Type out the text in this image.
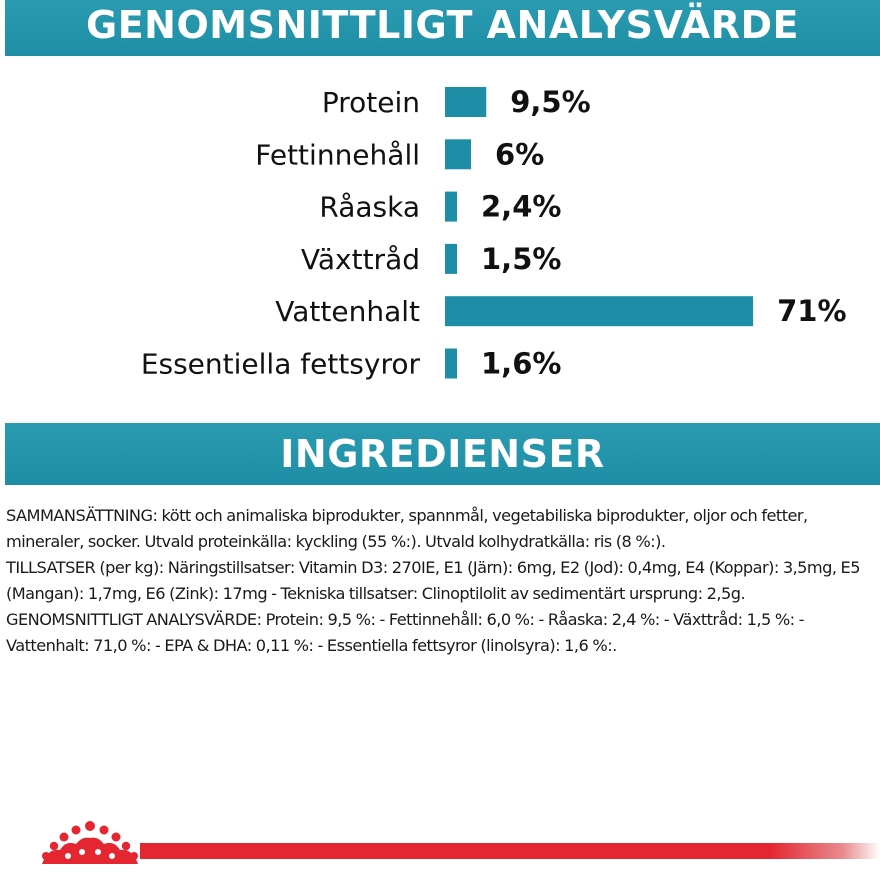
GENOMSNITTLIGT ANALYSVÄRDE
Protein	9,5%
Fettinnehåll	6%
Råaska 2,4%
Växttråd 1,5%
Vattenhalt	71%
Essentiella fettsyror 1,6%
INGREDIENSER

SAMMANSÄTTNING: kött och animaliska biprodukter, spannmål, vegetabiliska biprodukter, oljor och fetter, mineraler, socker. Utvald proteinkälla: kyckling (55 %:). Utvald kolhydratkälla: ris (8 %:).

TILLSATSER (per kg): Näringstillsatser: Vitamin D3: 270IE, E1 (Järn): 6mg, E2 (Jod): 0,4mg, E4 (Koppar): 3,5mg, E5 (Mangan): 1,7mg, E6 (Zink): 17mg - Tekniska tillsatser: Clinoptilolit av sedimentärt ursprung: 2,5g.

GENOMSNITTLIGT ANALYSVÄRDE: Protein: 9,5 %: - Fettinnehåll: 6,0 %: - Råaska: 2,4 %: - Växttråd: 1,5 %: - Vattenhalt: 71,0 %: - EPA & DHA: 0,11 %: - Essentiella fettsyror (linolsyra): 1,6 %:.
